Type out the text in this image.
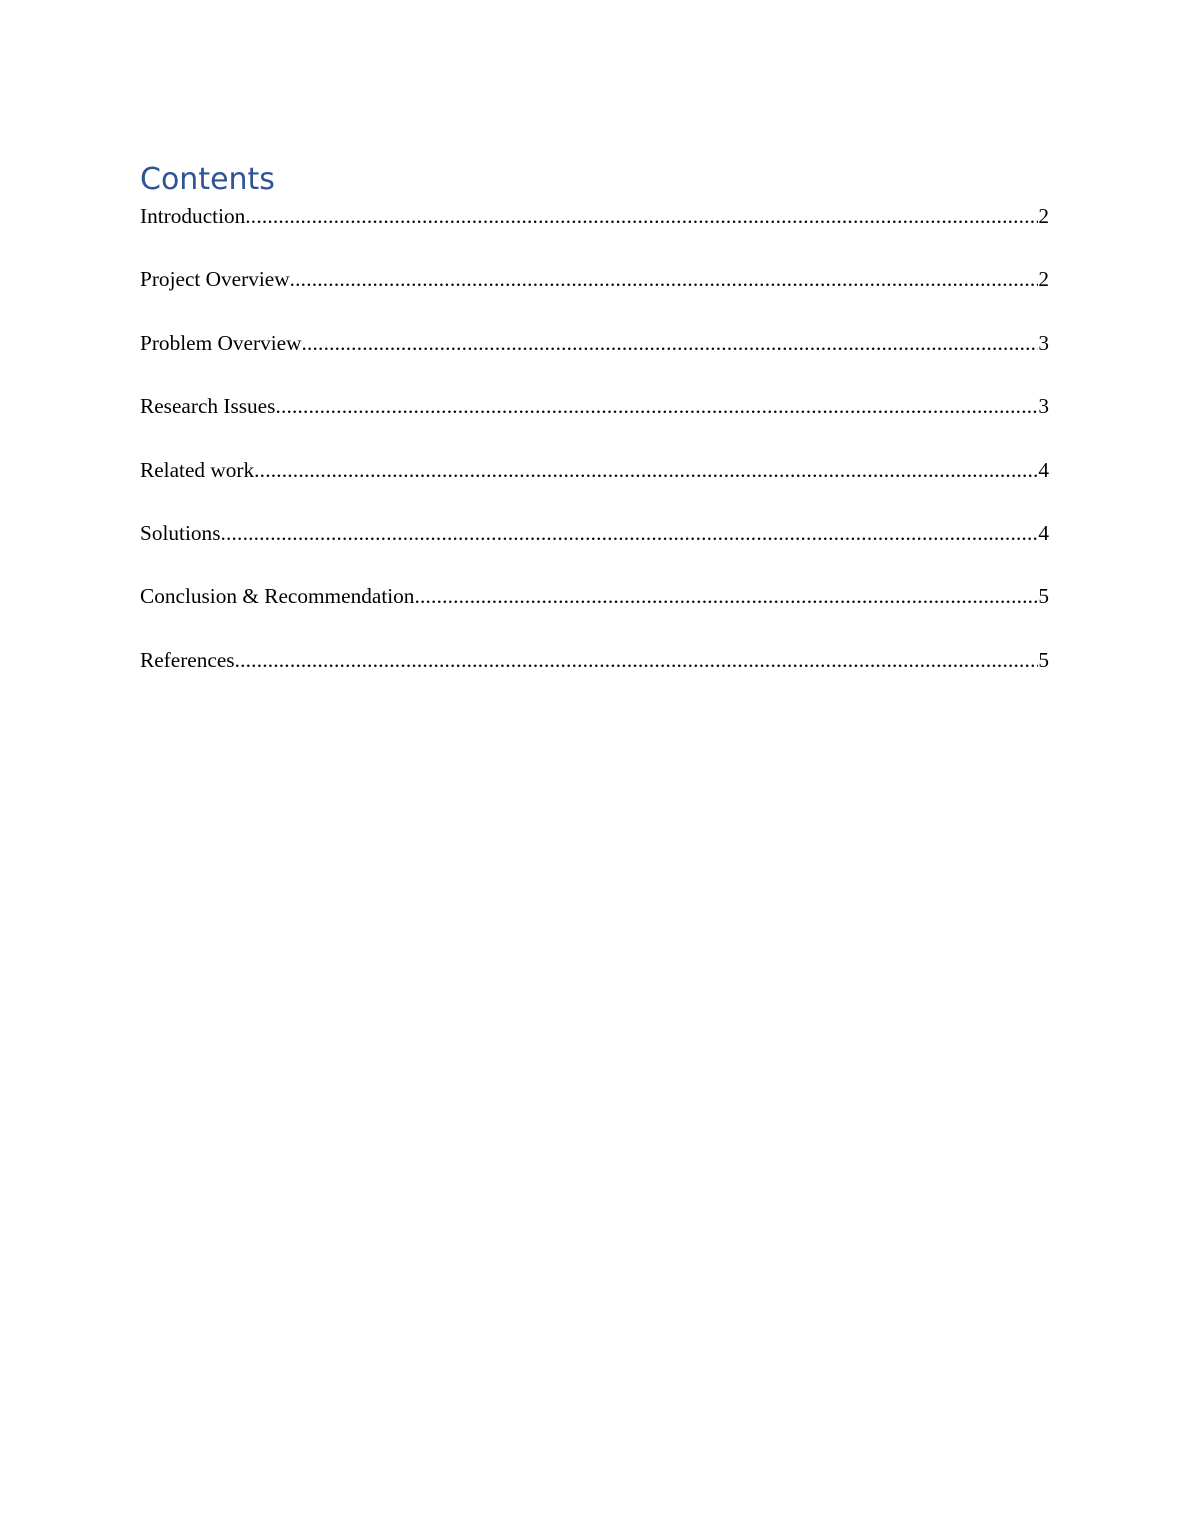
Contents
Introduction .....	2
Project Overview .....	2
Problem Overview .....	3
Research Issues .....	3
Related work .....	4
Solutions .....	4
Conclusion & Recommendation .....	5
References .....	5
